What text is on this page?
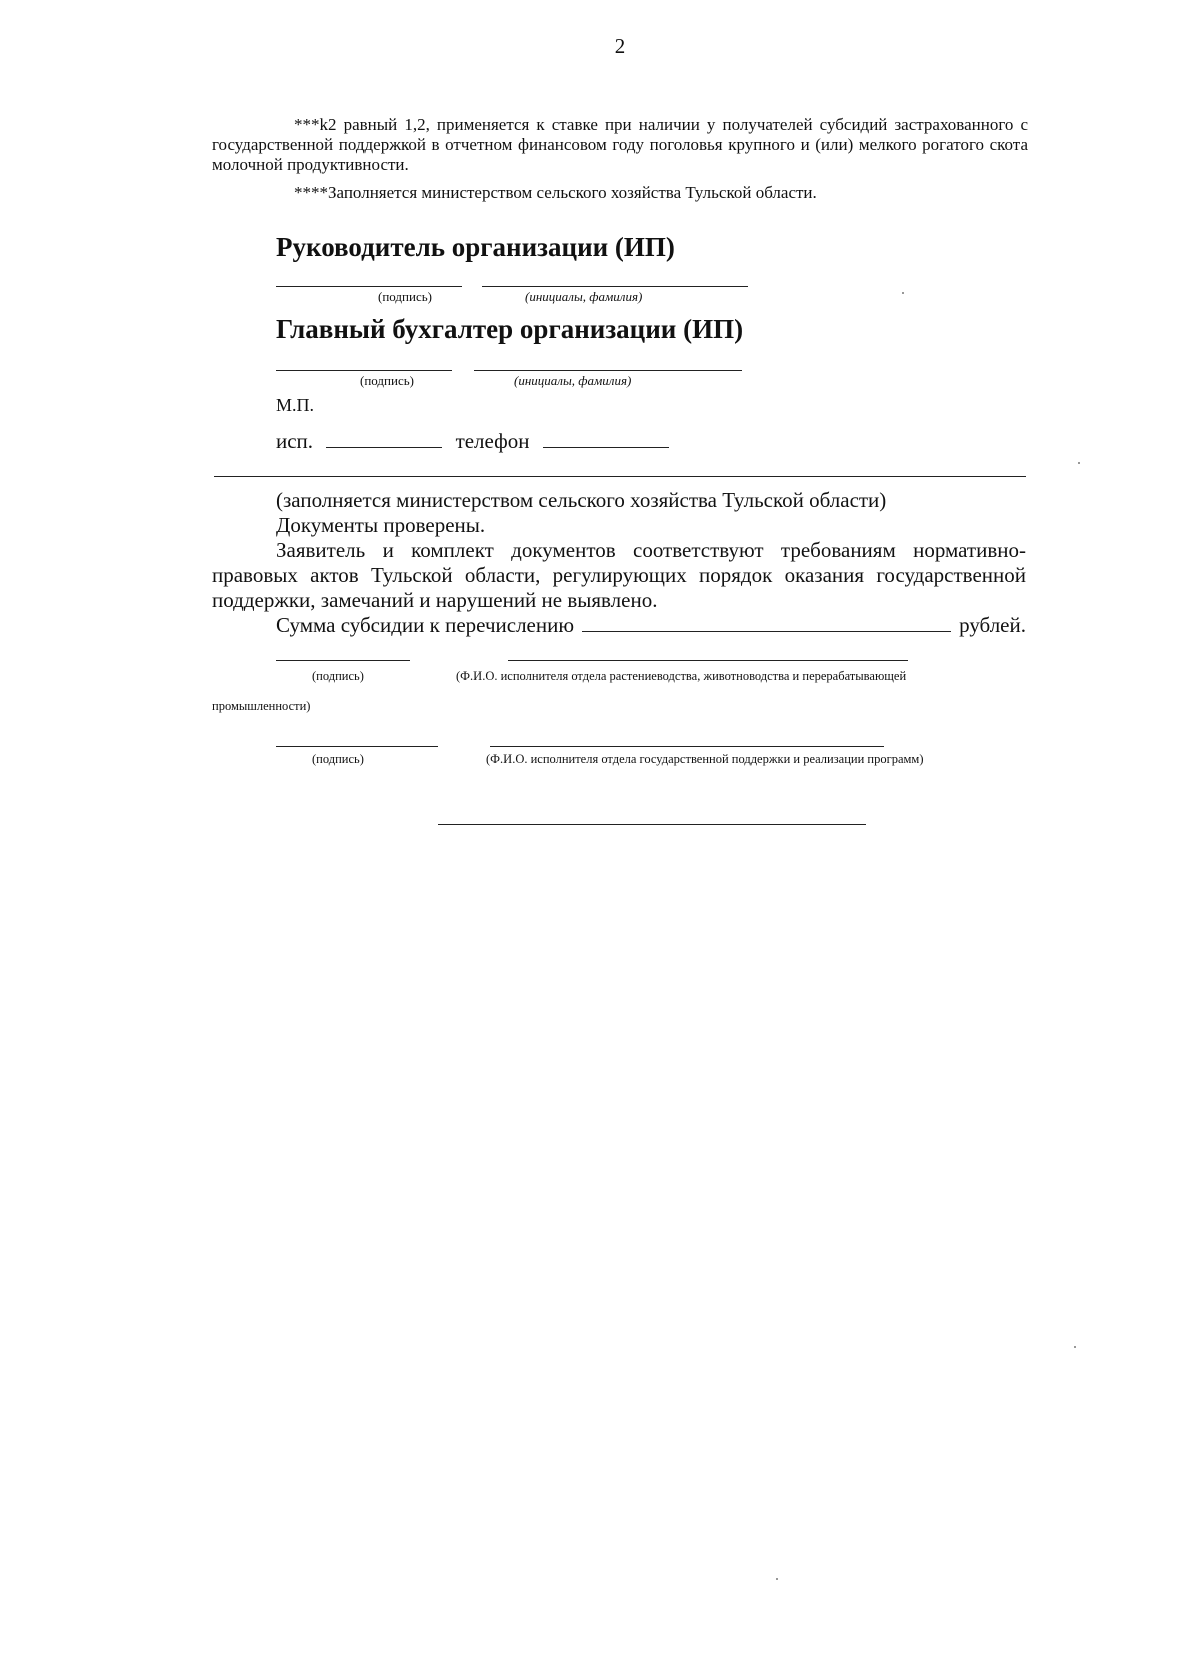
2
***k2 равный 1,2, применяется к ставке при наличии у получателей субсидий застрахованного с государственной поддержкой в отчетном финансовом году поголовья крупного и (или) мелкого рогатого скота молочной продуктивности.
****Заполняется министерством сельского хозяйства Тульской области.
Руководитель организации (ИП)
(подпись)	(инициалы, фамилия)
Главный бухгалтер организации (ИП)
(подпись)	(инициалы, фамилия)
М.П.
исп.	телефон
(заполняется министерством сельского хозяйства Тульской области)
Документы проверены.
Заявитель и комплект документов соответствуют требованиям нормативно-правовых актов Тульской области, регулирующих порядок оказания государственной поддержки, замечаний и нарушений не выявлено.
Сумма субсидии к перечислению	рублей.
(подпись)	(Ф.И.О. исполнителя отдела растениеводства, животноводства и перерабатывающей
промышленности)
(подпись)	(Ф.И.О. исполнителя отдела государственной поддержки и реализации программ)
